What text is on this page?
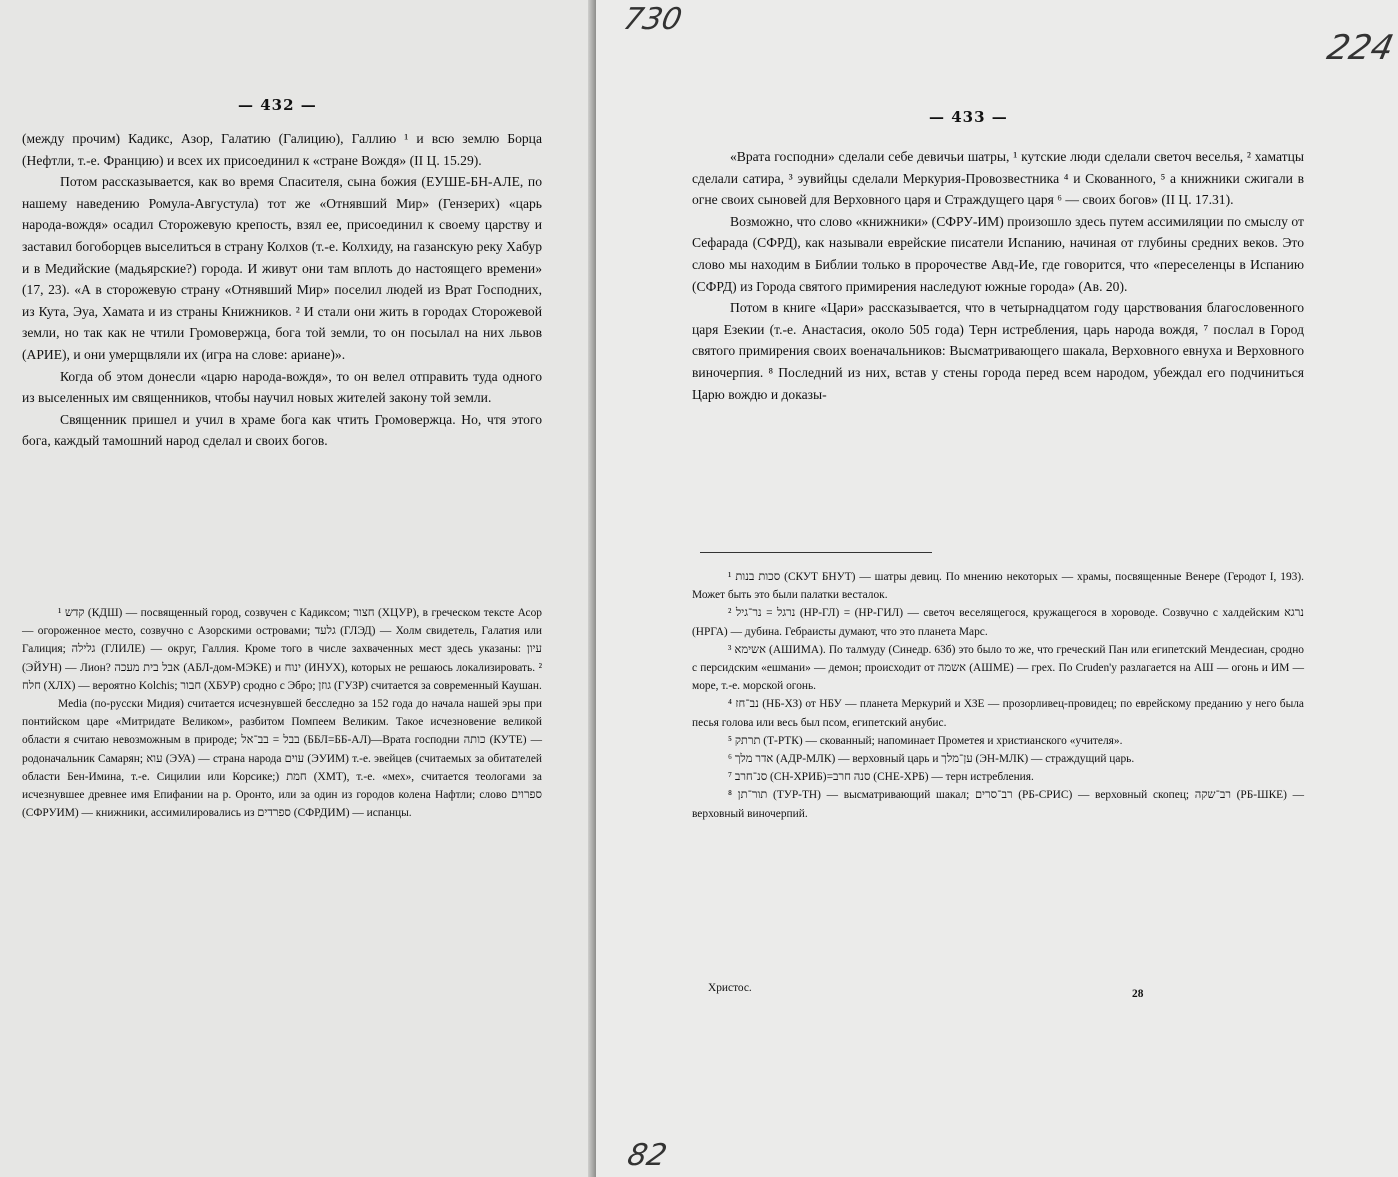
— 432 —

(между прочим) Кадикс, Азор, Галатию (Галицию), Галлию ¹ и всю землю Борца (Нефтли, т.-е. Францию) и всех их присоединил к «стране Вождя» (II Ц. 15.29).

Потом рассказывается, как во время Спасителя, сына божия (ЕУШЕ-БН-АЛЕ, по нашему наведению Ромула-Августула) тот же «Отнявший Мир» (Гензерих) «царь народа-вождя» осадил Сторожевую крепость, взял ее, присоединил к своему царству и заставил богоборцев выселиться в страну Колхов (т.-е. Колхиду, на газанскую реку Хабур и в Медийские (мадьярские?) города. И живут они там вплоть до настоящего времени» (17, 23). «А в сторожевую страну «Отнявший Мир» поселил людей из Врат Господних, из Кута, Эуа, Хамата и из страны Книжников. ² И стали они жить в городах Сторожевой земли, но так как не чтили Громовержца, бога той земли, то он посылал на них львов (АРИЕ), и они умерщвляли их (игра на слове: ариане)».

Когда об этом донесли «царю народа-вождя», то он велел отправить туда одного из выселенных им священников, чтобы научил новых жителей закону той земли.

Священник пришел и учил в храме бога как чтить Громовержца. Но, чтя этого бога, каждый тамошний народ сделал и своих богов.

¹ קדש (КДШ) — посвященный город, созвучен с Кадиксом; חצור (ХЦУР), в греческом тексте Асор — огороженное место, созвучно с Азорскими островами; גלעד (ГЛЭД) — Холм свидетель, Галатия или Галиция; גלילה (ГЛИЛЕ) — округ, Галлия. Кроме того в числе захваченных мест здесь указаны: עיון (ЭЙУН) — Лион? אבל בית מעכה (АБЛ-дом-МЭКЕ) и ינוח (ИНУХ), которых не решаюсь локализировать. ² חלח (ХЛХ) — вероятно Kolchis; חבור (ХБУР) сродно с Эбро; גוזן (ГУЗР) считается за современный Каушан.

Media (по-русски Мидия) считается исчезнувшей бесследно за 152 года до начала нашей эры при понтийском царе «Митридате Великом», разбитом Помпеем Великим. Такое исчезновение великой области я считаю невозможным в природе; בבל = בב־אל (ББЛ=ББ-АЛ)—Врата господни כותה (КУТЕ) — родоначальник Самарян; עוא (ЭУА) — страна народа עוים (ЭУИМ) т.-е. эвейцев (считаемых за обитателей области Бен-Имина, т.-е. Сицилии или Корсике;) חמת (ХМТ), т.-е. «мех», считается теологами за исчезнувшее древнее имя Епифании на р. Оронто, или за один из городов колена Нафтли; слово ספרוים (СФРУИМ) — книжники, ассимилировались из ספרדים (СФРДИМ) — испанцы.

— 433 —

«Врата господни» сделали себе девичьи шатры, ¹ кутские люди сделали светоч веселья, ² хаматцы сделали сатира, ³ эувийцы сделали Меркурия-Провозвестника ⁴ и Скованного, ⁵ а книжники сжигали в огне своих сыновей для Верховного царя и Страждущего царя ⁶ — своих богов» (II Ц. 17.31).

Возможно, что слово «книжники» (СФРУ-ИМ) произошло здесь путем ассимиляции по смыслу от Сефарада (СФРД), как называли еврейские писатели Испанию, начиная от глубины средних веков. Это слово мы находим в Библии только в пророчестве Авд-Ие, где говорится, что «переселенцы в Испанию (СФРД) из Города святого примирения наследуют южные города» (Ав. 20).

Потом в книге «Цари» рассказывается, что в четырнадцатом году царствования благословенного царя Езекии (т.-е. Анастасия, около 505 года) Терн истребления, царь народа вождя, ⁷ послал в Город святого примирения своих военачальников: Высматривающего шакала, Верховного евнуха и Верховного виночерпия. ⁸ Последний из них, встав у стены города перед всем народом, убеждал его подчиниться Царю вождю и доказы-

¹ סכות בנות (СКУТ БНУТ) — шатры девиц. По мнению некоторых — храмы, посвященные Венере (Геродот I, 193). Может быть это были палатки весталок.

² נרגל = נר־גיל (НР-ГЛ) = (НР-ГИЛ) — светоч веселящегося, кружащегося в хороводе. Созвучно с халдейским נרגא (НРГА) — дубина. Гебраисты думают, что это планета Марс.

³ אשימא (АШИМА). По талмуду (Синедр. 63б) это было то же, что греческий Пан или египетский Мендесиан, сродно с персидским «ешмани» — демон; происходит от אשמה (АШМЕ) — грех. По Cruden'у разлагается на АШ — огонь и ИМ — море, т.-е. морской огонь.

⁴ נב־חז (НБ-ХЗ) от НБУ — планета Меркурий и ХЗЕ — прозорливец-провидец; по еврейскому преданию у него была песья голова или весь был псом, египетский анубис.

⁵ תרתק (Т-РТК) — скованный; напоминает Прометея и христианского «учителя».

⁶ אדר מלך (АДР-МЛК) — верховный царь и ען־מלך (ЭН-МЛК) — страждущий царь.

⁷ סנ־חרב (СН-ХРИБ)=סנה חרב (СНЕ-ХРБ) — терн истребления.

⁸ תור־תן (ТУР-ТН) — высматривающий шакал; רב־סרים (РБ-СРИС) — верховный скопец; רב־שקה (РБ-ШКЕ) — верховный виночерпий.

Христос.	28
730
224
82
